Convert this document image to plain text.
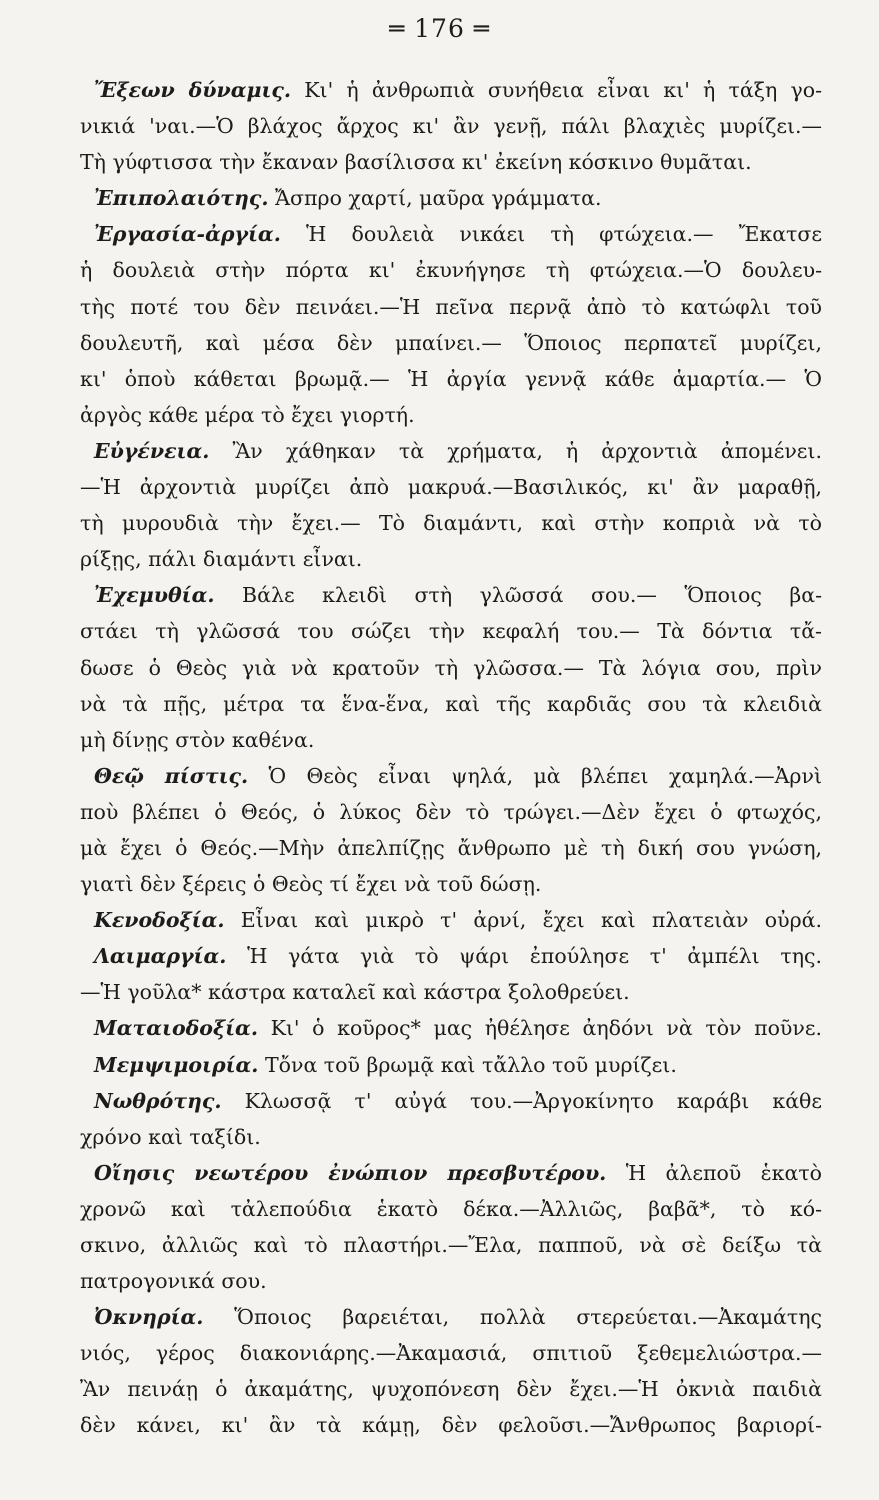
═ 176 ═
Ἔξεων δύναμις. Κι' ἡ ἀνθρωπιὰ συνήθεια εἶναι κι' ἡ τάξη γο-
νικιά 'ναι.—Ὁ βλάχος ἄρχος κι' ἂν γενῇ, πάλι βλαχιὲς μυρίζει.—
Τὴ γύφτισσα τὴν ἔκαναν βασίλισσα κι' ἐκείνη κόσκινο θυμᾶται.
Ἐπιπολαιότης. Ἄσπρο χαρτί, μαῦρα γράμματα.
Ἐργασία-ἀργία. Ἡ δουλειὰ νικάει τὴ φτώχεια.— Ἔκατσε
ἡ δουλειὰ στὴν πόρτα κι' ἐκυνήγησε τὴ φτώχεια.—Ὁ δουλευ-
τὴς ποτέ του δὲν πεινάει.—Ἡ πεῖνα περνᾷ ἀπὸ τὸ κατώφλι τοῦ
δουλευτῆ, καὶ μέσα δὲν μπαίνει.— Ὅποιος περπατεῖ μυρίζει,
κι' ὁποὺ κάθεται βρωμᾷ.— Ἡ ἀργία γεννᾷ κάθε ἁμαρτία.— Ὁ
ἀργὸς κάθε μέρα τὸ ἔχει γιορτή.
Εὐγένεια. Ἂν χάθηκαν τὰ χρήματα, ἡ ἀρχοντιὰ ἀπομένει.
—Ἡ ἀρχοντιὰ μυρίζει ἀπὸ μακρυά.—Βασιλικός, κι' ἂν μαραθῇ,
τὴ μυρουδιὰ τὴν ἔχει.— Τὸ διαμάντι, καὶ στὴν κοπριὰ νὰ τὸ
ρίξῃς, πάλι διαμάντι εἶναι.
Ἐχεμυθία. Βάλε κλειδὶ στὴ γλῶσσά σου.— Ὅποιος βα-
στάει τὴ γλῶσσά του σώζει τὴν κεφαλή του.— Τὰ δόντια τἄ-
δωσε ὁ Θεὸς γιὰ νὰ κρατοῦν τὴ γλῶσσα.— Τὰ λόγια σου, πρὶν
νὰ τὰ πῇς, μέτρα τα ἕνα-ἕνα, καὶ τῆς καρδιᾶς σου τὰ κλειδιὰ
μὴ δίνῃς στὸν καθένα.
Θεῷ πίστις. Ὁ Θεὸς εἶναι ψηλά, μὰ βλέπει χαμηλά.—Ἀρνὶ
ποὺ βλέπει ὁ Θεός, ὁ λύκος δὲν τὸ τρώγει.—Δὲν ἔχει ὁ φτωχός,
μὰ ἔχει ὁ Θεός.—Μὴν ἀπελπίζῃς ἄνθρωπο μὲ τὴ δική σου γνώση,
γιατὶ δὲν ξέρεις ὁ Θεὸς τί ἔχει νὰ τοῦ δώσῃ.
Κενοδοξία. Εἶναι καὶ μικρὸ τ' ἀρνί, ἔχει καὶ πλατειὰν οὐρά.
Λαιμαργία. Ἡ γάτα γιὰ τὸ ψάρι ἐπούλησε τ' ἀμπέλι της.
—Ἡ γοῦλα* κάστρα καταλεῖ καὶ κάστρα ξολοθρεύει.
Ματαιοδοξία. Κι' ὁ κοῦρος* μας ἠθέλησε ἀηδόνι νὰ τὸν ποῦνε.
Μεμψιμοιρία. Τὄνα τοῦ βρωμᾷ καὶ τἄλλο τοῦ μυρίζει.
Νωθρότης. Κλωσσᾷ τ' αὐγά του.—Ἀργοκίνητο καράβι κάθε
χρόνο καὶ ταξίδι.
Οἴησις νεωτέρου ἐνώπιον πρεσβυτέρου. Ἡ ἀλεποῦ ἑκατὸ
χρονῶ καὶ τἀλεπούδια ἑκατὸ δέκα.—Ἀλλιῶς, βαβᾶ*, τὸ κό-
σκινο, ἀλλιῶς καὶ τὸ πλαστήρι.—Ἔλα, παπποῦ, νὰ σὲ δείξω τὰ
πατρογονικά σου.
Ὀκνηρία. Ὅποιος βαρειέται, πολλὰ στερεύεται.—Ἀκαμάτης
νιός, γέρος διακονιάρης.—Ἀκαμασιά, σπιτιοῦ ξεθεμελιώστρα.—
Ἂν πεινάῃ ὁ ἀκαμάτης, ψυχοπόνεση δὲν ἔχει.—Ἡ ὀκνιὰ παιδιὰ
δὲν κάνει, κι' ἂν τὰ κάμῃ, δὲν φελοῦσι.—Ἄνθρωπος βαριορί-
